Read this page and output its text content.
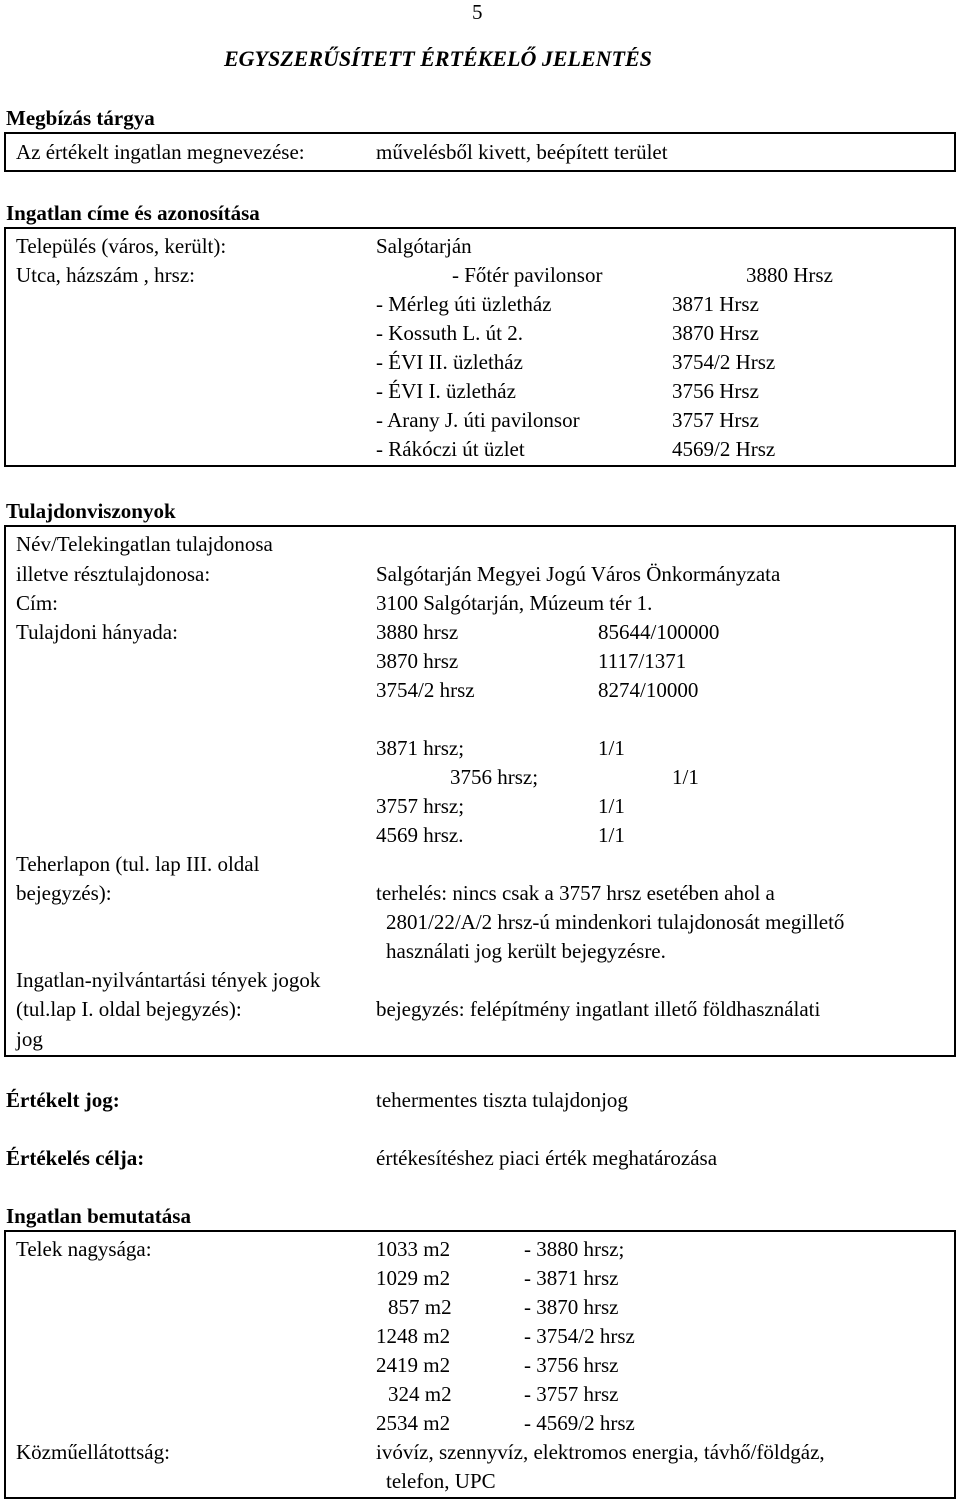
5
EGYSZERŰSÍTETT ÉRTÉKELŐ JELENTÉS
Megbízás tárgya
Az értékelt ingatlan megnevezése:	művelésből kivett, beépített terület
Ingatlan címe és azonosítása
Település (város, került):	Salgótarján
Utca, házszám , hrsz:	- Főtér pavilonsor	3880 Hrsz
- Mérleg úti üzletház	3871 Hrsz
- Kossuth L. út 2.	3870 Hrsz
- ÉVI II. üzletház	3754/2 Hrsz
- ÉVI I. üzletház	3756 Hrsz
- Arany J. úti pavilonsor	3757 Hrsz
- Rákóczi út üzlet	4569/2 Hrsz
Tulajdonviszonyok
Név/Telekingatlan tulajdonosa
illetve résztulajdonosa:	Salgótarján Megyei Jogú Város Önkormányzata
Cím:	3100 Salgótarján, Múzeum tér 1.
Tulajdoni hányada:	3880 hrsz	85644/100000
3870 hrsz	1117/1371
3754/2 hrsz	8274/10000
3871 hrsz;	1/1
3756 hrsz;	1/1
3757 hrsz;	1/1
4569 hrsz.	1/1
Teherlapon (tul. lap III. oldal
bejegyzés):	terhelés: nincs csak a 3757 hrsz esetében ahol a
2801/22/A/2 hrsz-ú mindenkori tulajdonosát megillető
használati jog került bejegyzésre.
Ingatlan-nyilvántartási tények jogok
(tul.lap I. oldal bejegyzés):	bejegyzés: felépítmény ingatlant illető földhasználati
jog
Értékelt jog:	tehermentes tiszta tulajdonjog
Értékelés célja:	értékesítéshez piaci érték meghatározása
Ingatlan bemutatása
Telek nagysága:	1033 m2	- 3880 hrsz;
1029 m2	- 3871 hrsz
857 m2	- 3870 hrsz
1248 m2	- 3754/2 hrsz
2419 m2	- 3756 hrsz
324 m2	- 3757 hrsz
2534 m2	- 4569/2 hrsz
Közműellátottság:	ivóvíz, szennyvíz, elektromos energia, távhő/földgáz,
telefon, UPC
